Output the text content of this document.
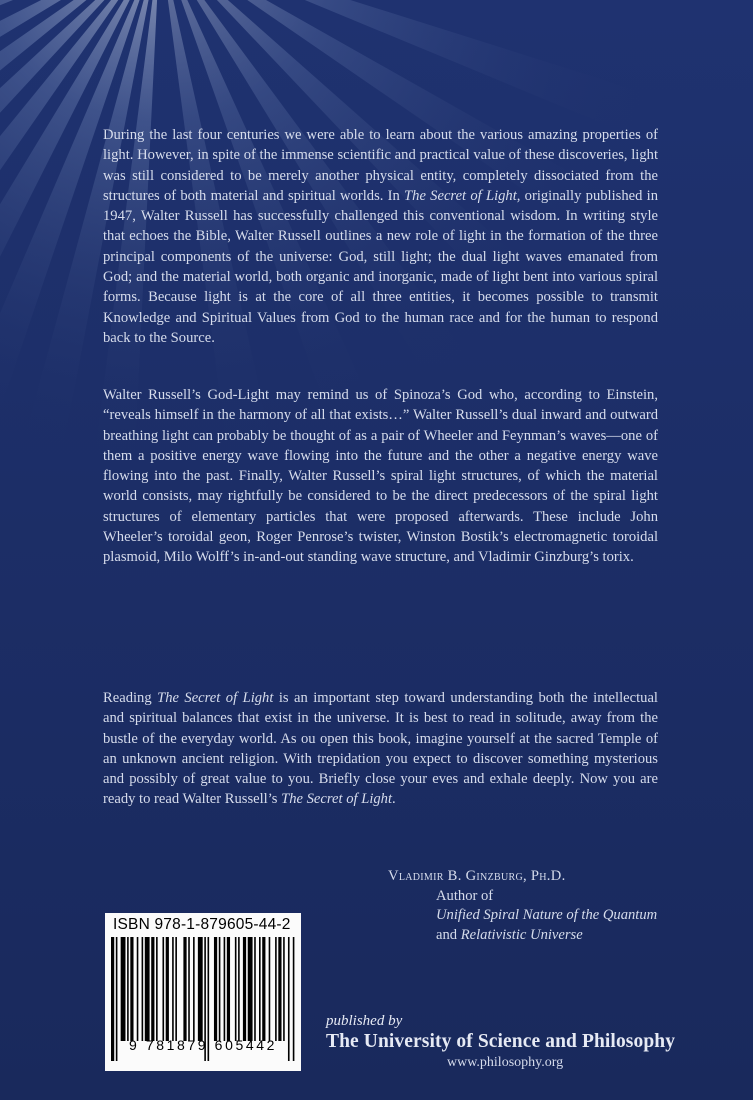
During the last four centuries we were able to learn about the various amazing properties of light. However, in spite of the immense scientific and practical value of these discoveries, light was still considered to be merely another physical entity, completely dissociated from the structures of both material and spiritual worlds. In The Secret of Light, originally published in 1947, Walter Russell has successfully challenged this conventional wisdom. In writing style that echoes the Bible, Walter Russell outlines a new role of light in the formation of the three principal components of the universe: God, still light; the dual light waves emanated from God; and the material world, both organic and inorganic, made of light bent into various spiral forms. Because light is at the core of all three entities, it becomes possible to transmit Knowledge and Spiritual Values from God to the human race and for the human to respond back to the Source.

Walter Russell’s God-Light may remind us of Spinoza’s God who, according to Einstein, “reveals himself in the harmony of all that exists…” Walter Russell’s dual inward and outward breathing light can probably be thought of as a pair of Wheeler and Feynman’s waves—one of them a positive energy wave flowing into the future and the other a negative energy wave flowing into the past. Finally, Walter Russell’s spiral light structures, of which the material world consists, may rightfully be considered to be the direct predecessors of the spiral light structures of elementary particles that were proposed afterwards. These include John Wheeler’s toroidal geon, Roger Penrose’s twister, Winston Bostik’s electromagnetic toroidal plasmoid, Milo Wolff’s in-and-out standing wave structure, and Vladimir Ginzburg’s torix.

Reading The Secret of Light is an important step toward understanding both the intellectual and spiritual balances that exist in the universe. It is best to read in solitude, away from the bustle of the everyday world. As ou open this book, imagine yourself at the sacred Temple of an unknown ancient religion. With trepidation you expect to discover something mysterious and possibly of great value to you. Briefly close your eves and exhale deeply. Now you are ready to read Walter Russell’s The Secret of Light.

Vladimir B. Ginzburg, Ph.D.
Author of
Unified Spiral Nature of the Quantum
and Relativistic Universe
ISBN 978-1-879605-44-2
9 781879 605442
published by
The University of Science and Philosophy
www.philosophy.org
